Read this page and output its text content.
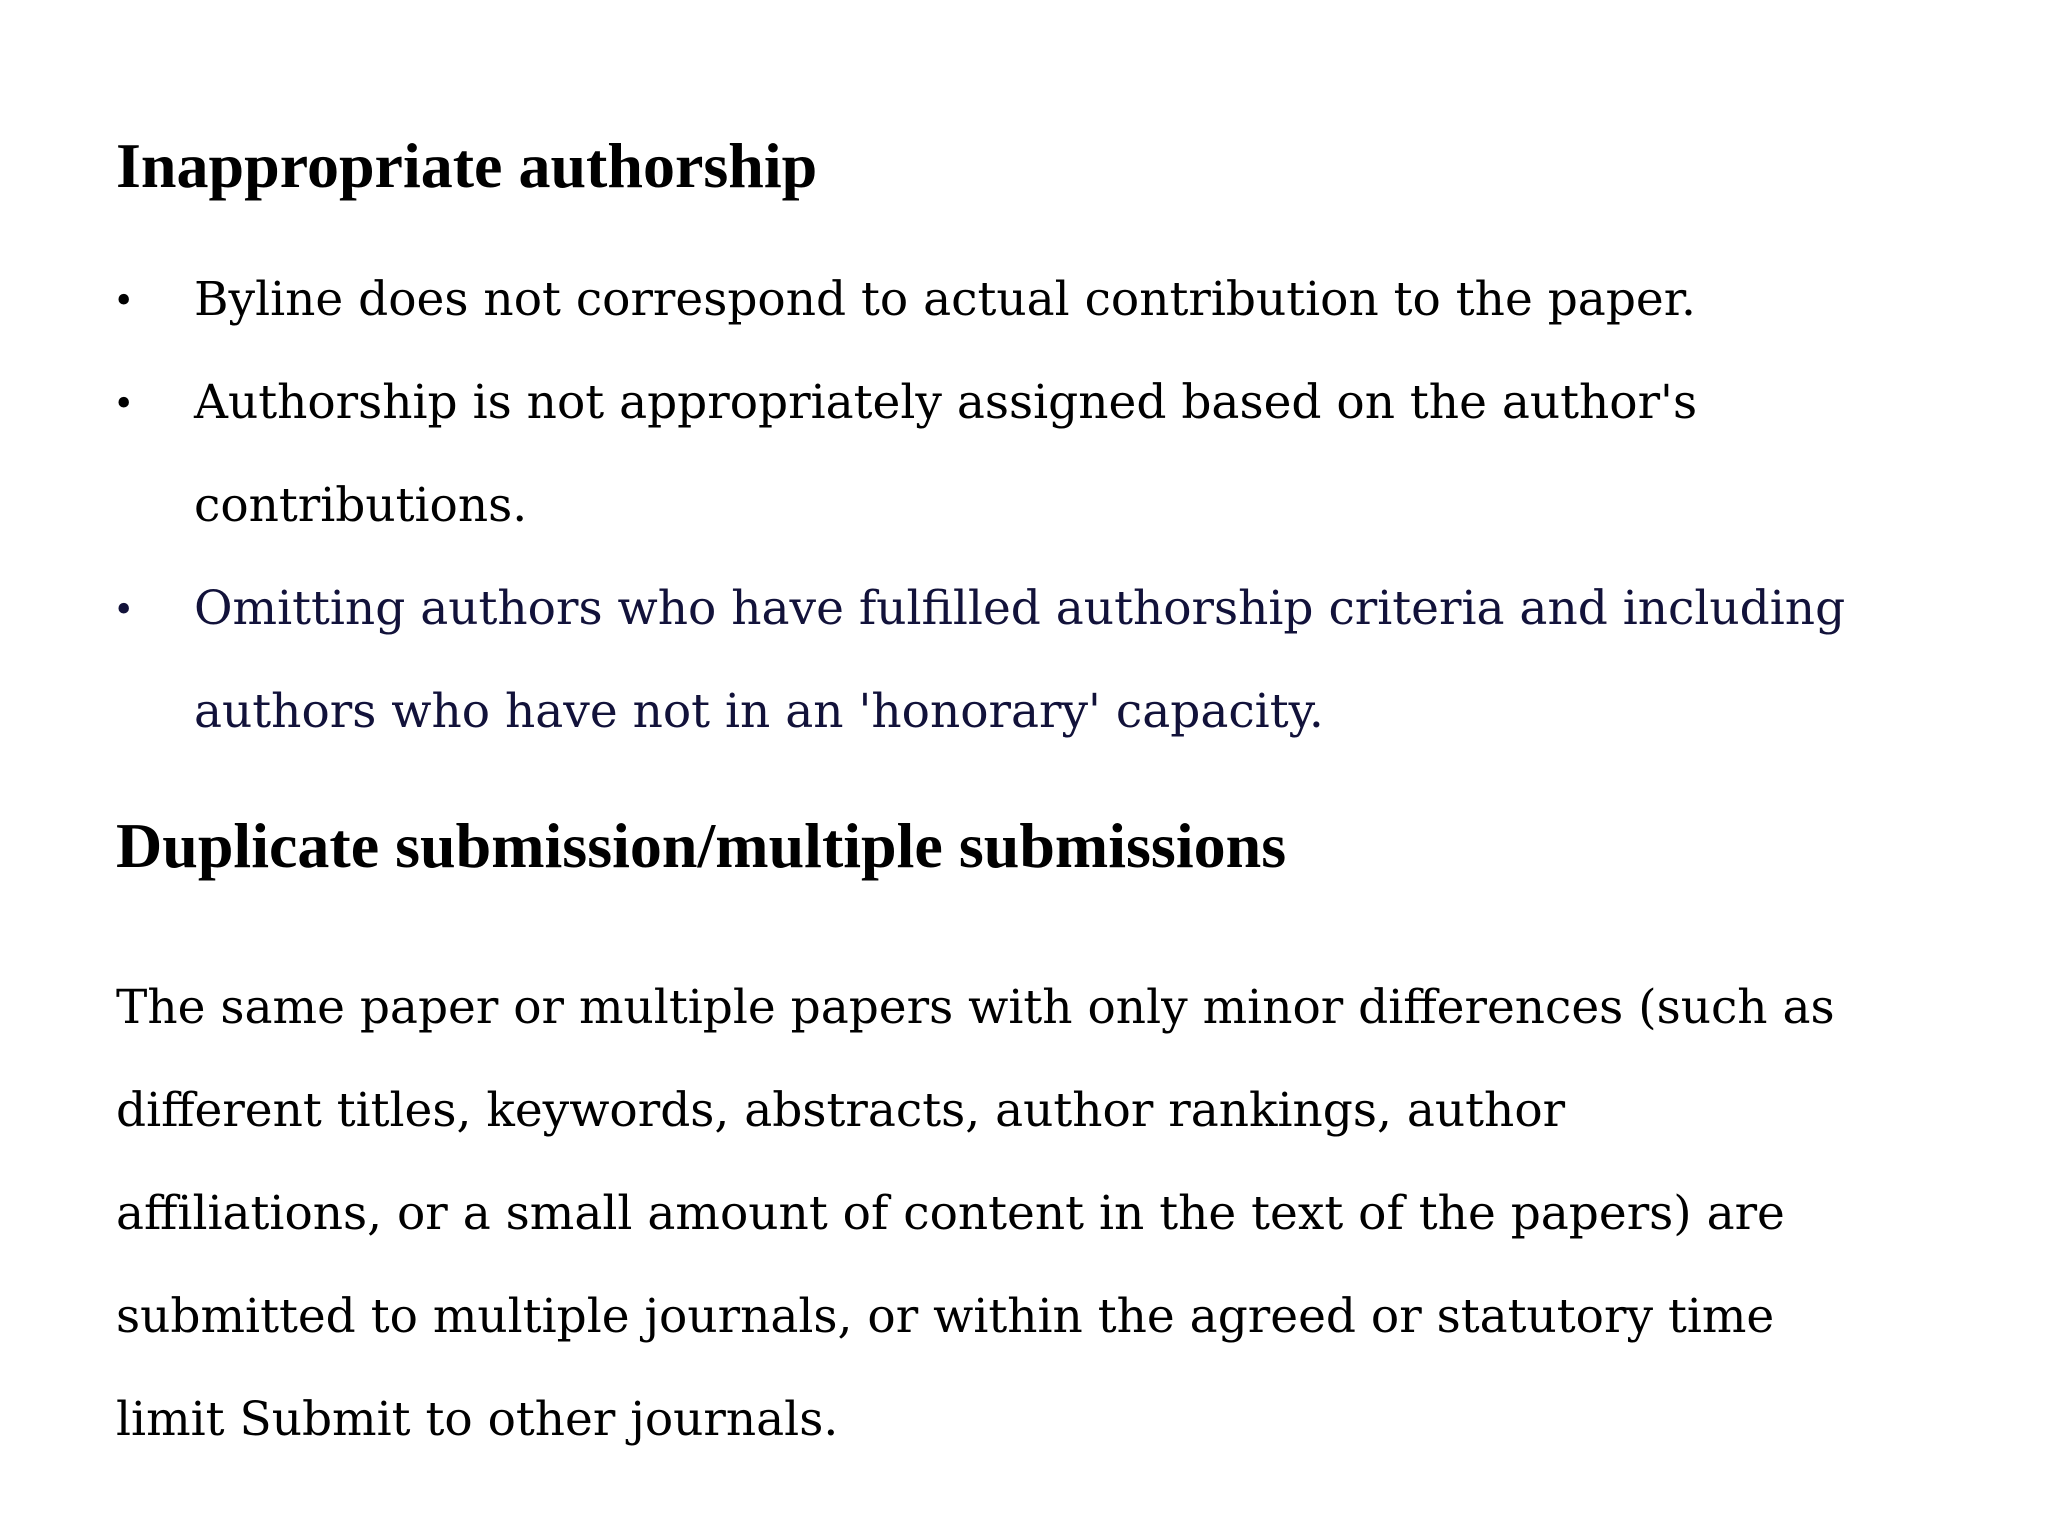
Inappropriate authorship
•	Byline does not correspond to actual contribution to the paper.
•	Authorship is not appropriately assigned based on the author's contributions.
•	Omitting authors who have fulfilled authorship criteria and including authors who have not in an 'honorary' capacity.
Duplicate submission/multiple submissions

The same paper or multiple papers with only minor differences (such as different titles, keywords, abstracts, author rankings, author affiliations, or a small amount of content in the text of the papers) are submitted to multiple journals, or within the agreed or statutory time limit Submit to other journals.
